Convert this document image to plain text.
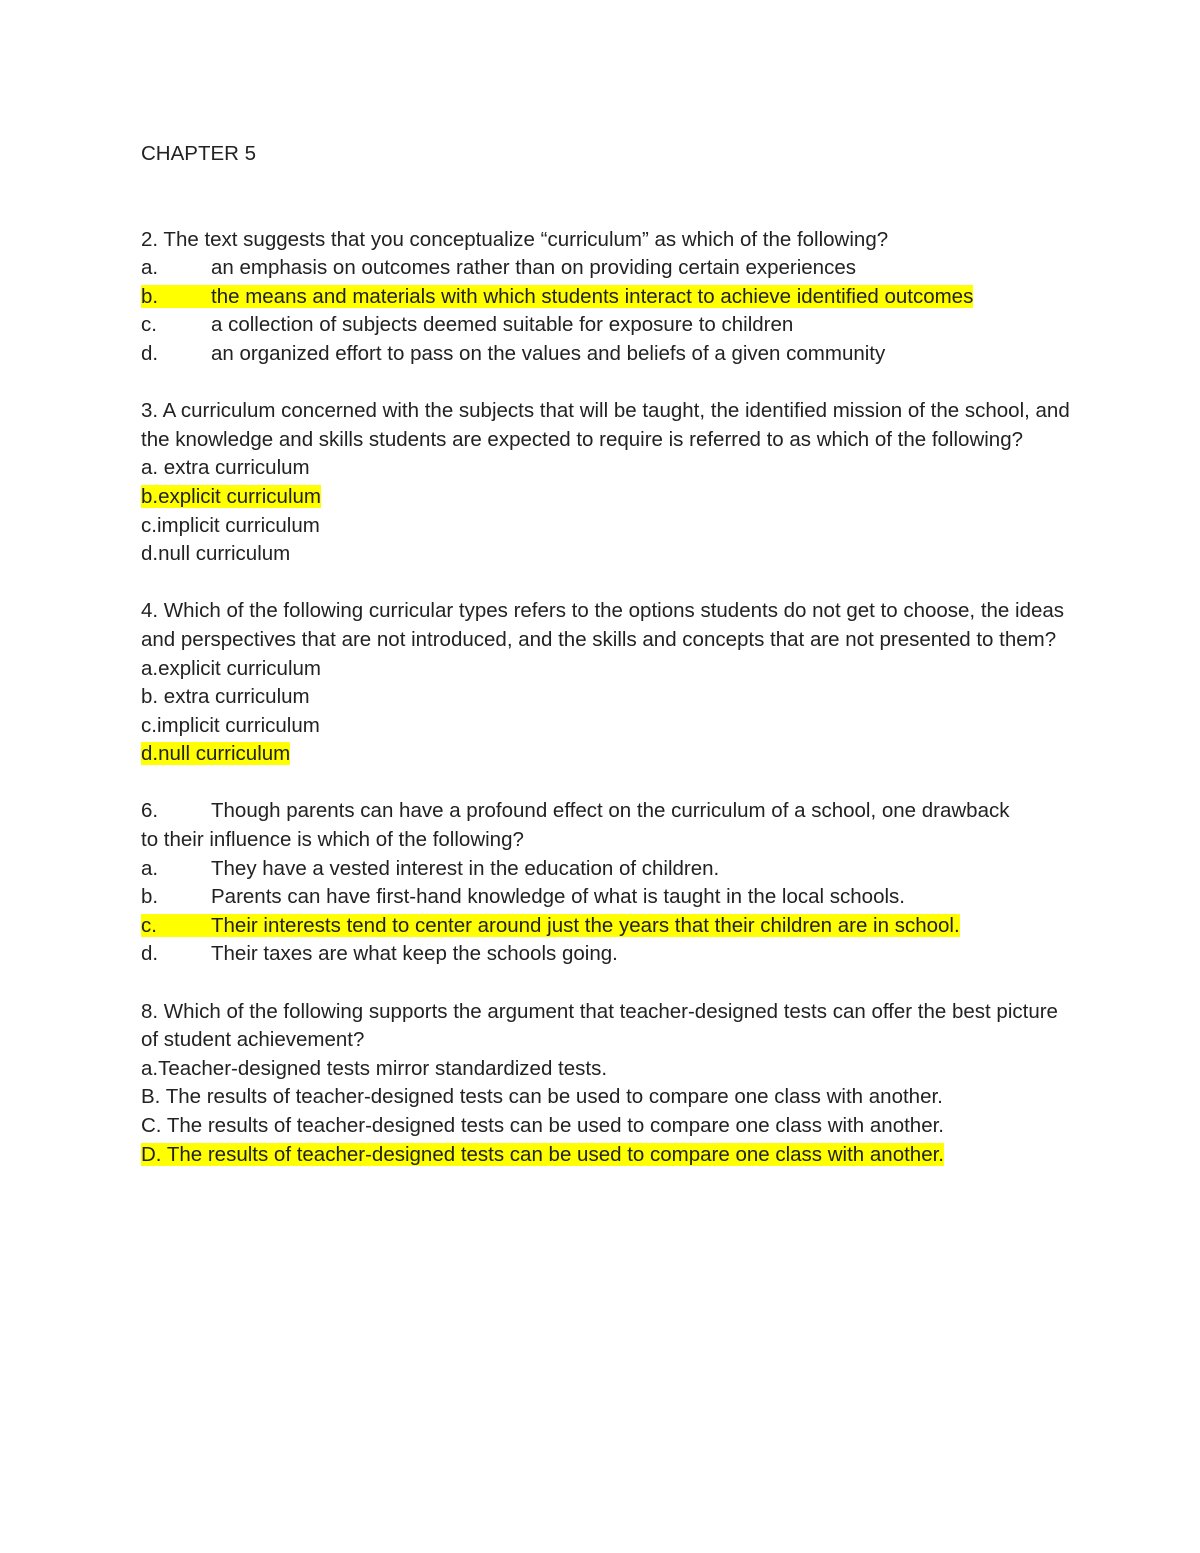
CHAPTER 5

2. The text suggests that you conceptualize “curriculum” as which of the following?

a.	an emphasis on outcomes rather than on providing certain experiences

b.	the means and materials with which students interact to achieve identified outcomes

c.	a collection of subjects deemed suitable for exposure to children

d.	an organized effort to pass on the values and beliefs of a given community

3. A curriculum concerned with the subjects that will be taught, the identified mission of the school, and the knowledge and skills students are expected to require is referred to as which of the following?

a. extra curriculum

b.explicit curriculum

c.implicit curriculum

d.null curriculum

4. Which of the following curricular types refers to the options students do not get to choose, the ideas and perspectives that are not introduced, and the skills and concepts that are not presented to them?

a.explicit curriculum

b. extra curriculum

c.implicit curriculum

d.null curriculum

6.	Though parents can have a profound effect on the curriculum of a school, one drawback

to their influence is which of the following?

a.	They have a vested interest in the education of children.

b.	Parents can have first-hand knowledge of what is taught in the local schools.

c.	Their interests tend to center around just the years that their children are in school.

d.	Their taxes are what keep the schools going.

8. Which of the following supports the argument that teacher-designed tests can offer the best picture of student achievement?

a.Teacher-designed tests mirror standardized tests.

B. The results of teacher-designed tests can be used to compare one class with another.

C. The results of teacher-designed tests can be used to compare one class with another.

D. The results of teacher-designed tests can be used to compare one class with another.
